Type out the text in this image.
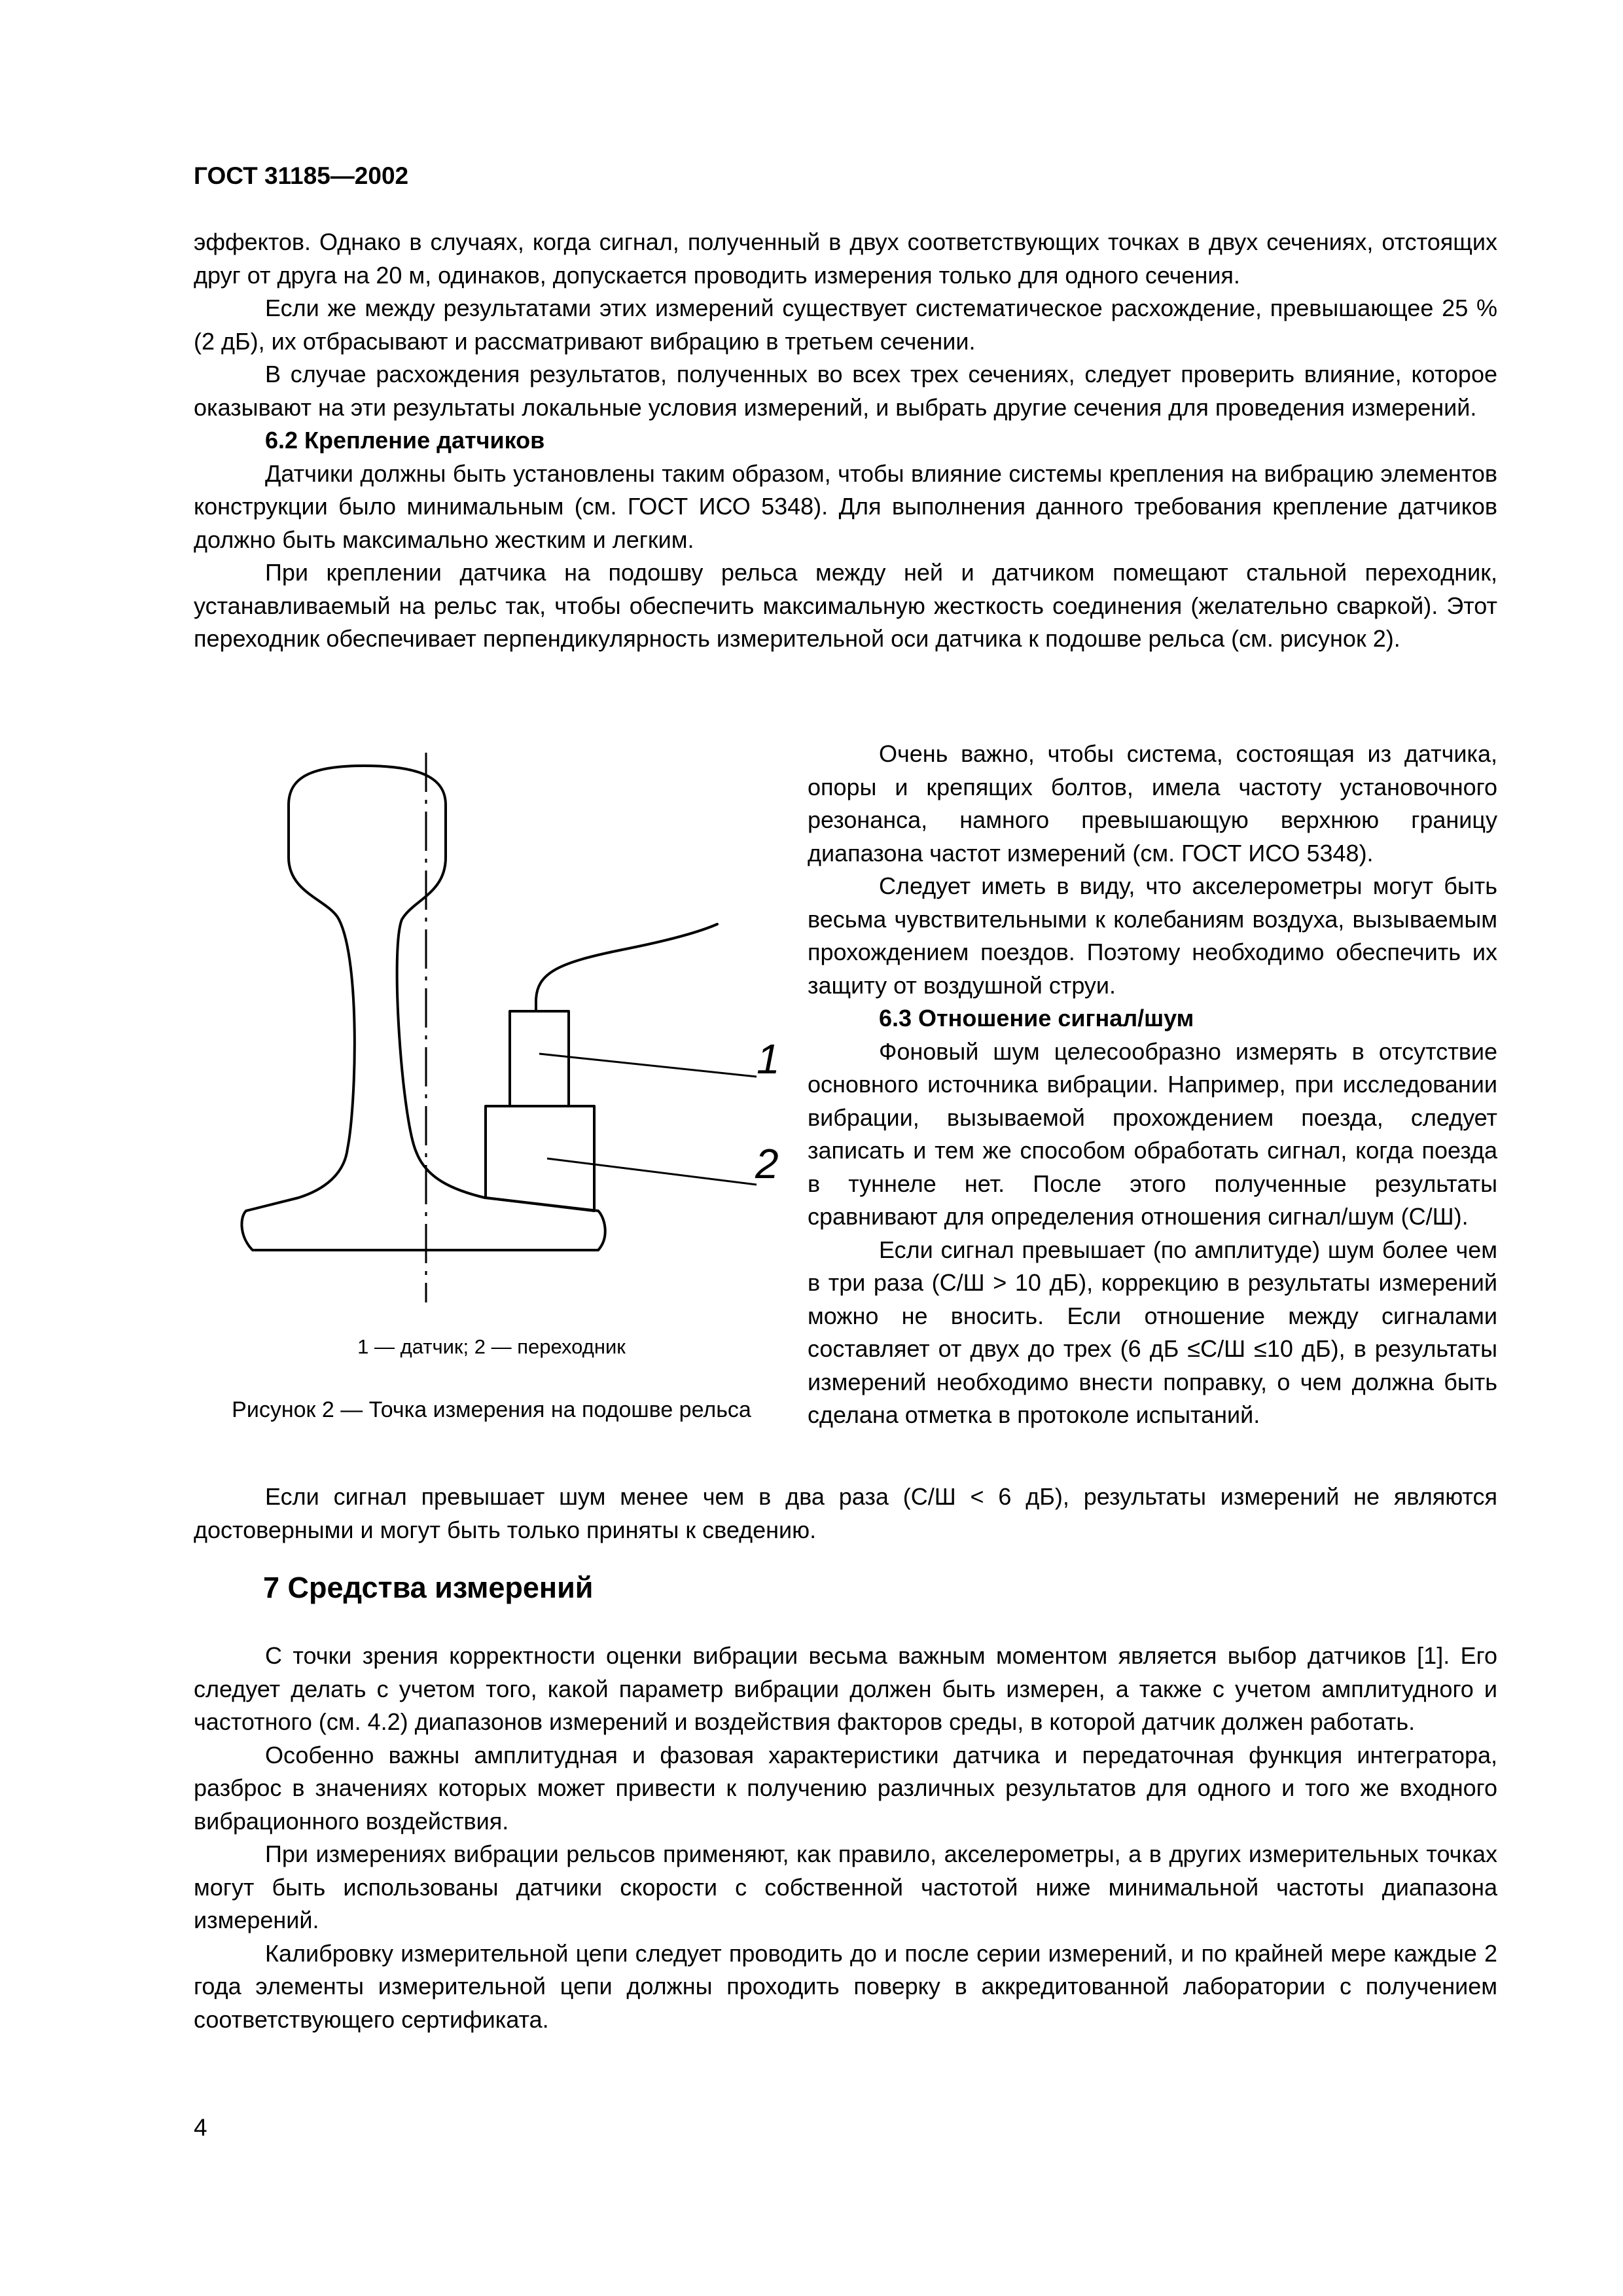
ГОСТ 31185—2002

эффектов. Однако в случаях, когда сигнал, полученный в двух соответствующих точках в двух сечениях, отстоящих друг от друга на 20 м, одинаков, допускается проводить измерения только для одного сечения.

Если же между результатами этих измерений существует систематическое расхождение, превышающее 25 % (2 дБ), их отбрасывают и рассматривают вибрацию в третьем сечении.

В случае расхождения результатов, полученных во всех трех сечениях, следует проверить влияние, которое оказывают на эти результаты локальные условия измерений, и выбрать другие сечения для проведения измерений.

6.2 Крепление датчиков

Датчики должны быть установлены таким образом, чтобы влияние системы крепления на вибрацию элементов конструкции было минимальным (см. ГОСТ ИСО 5348). Для выполнения данного требования крепление датчиков должно быть максимально жестким и легким.

При креплении датчика на подошву рельса между ней и датчиком помещают стальной переходник, устанавливаемый на рельс так, чтобы обеспечить максимальную жесткость соединения (желательно сваркой). Этот переходник обеспечивает перпендикулярность измерительной оси датчика к подошве рельса (см. рисунок 2).

1
2
1 — датчик; 2 — переходник
Рисунок 2 — Точка измерения на подошве рельса

Очень важно, чтобы система, состоящая из датчика, опоры и крепящих болтов, имела частоту установочного резонанса, намного превышающую верхнюю границу диапазона частот измерений (см. ГОСТ ИСО 5348).

Следует иметь в виду, что акселерометры могут быть весьма чувствительными к колебаниям воздуха, вызываемым прохождением поездов. Поэтому необходимо обеспечить их защиту от воздушной струи.

6.3 Отношение сигнал/шум

Фоновый шум целесообразно измерять в отсутствие основного источника вибрации. Например, при исследовании вибрации, вызываемой прохождением поезда, следует записать и тем же способом обработать сигнал, когда поезда в туннеле нет. После этого полученные результаты сравнивают для определения отношения сигнал/шум (С/Ш).

Если сигнал превышает (по амплитуде) шум более чем в три раза (С/Ш > 10 дБ), коррекцию в результаты измерений можно не вносить. Если отношение между сигналами составляет от двух до трех (6 дБ ≤С/Ш ≤10 дБ), в результаты измерений необходимо внести поправку, о чем должна быть сделана отметка в протоколе испытаний.

Если сигнал превышает шум менее чем в два раза (С/Ш < 6 дБ), результаты измерений не являются достоверными и могут быть только приняты к сведению.

7 Средства измерений

С точки зрения корректности оценки вибрации весьма важным моментом является выбор датчиков [1]. Его следует делать с учетом того, какой параметр вибрации должен быть измерен, а также с учетом амплитудного и частотного (см. 4.2) диапазонов измерений и воздействия факторов среды, в которой датчик должен работать.

Особенно важны амплитудная и фазовая характеристики датчика и передаточная функция интегратора, разброс в значениях которых может привести к получению различных результатов для одного и того же входного вибрационного воздействия.

При измерениях вибрации рельсов применяют, как правило, акселерометры, а в других измерительных точках могут быть использованы датчики скорости с собственной частотой ниже минимальной частоты диапазона измерений.

Калибровку измерительной цепи следует проводить до и после серии измерений, и по крайней мере каждые 2 года элементы измерительной цепи должны проходить поверку в аккредитованной лаборатории с получением соответствующего сертификата.

4
